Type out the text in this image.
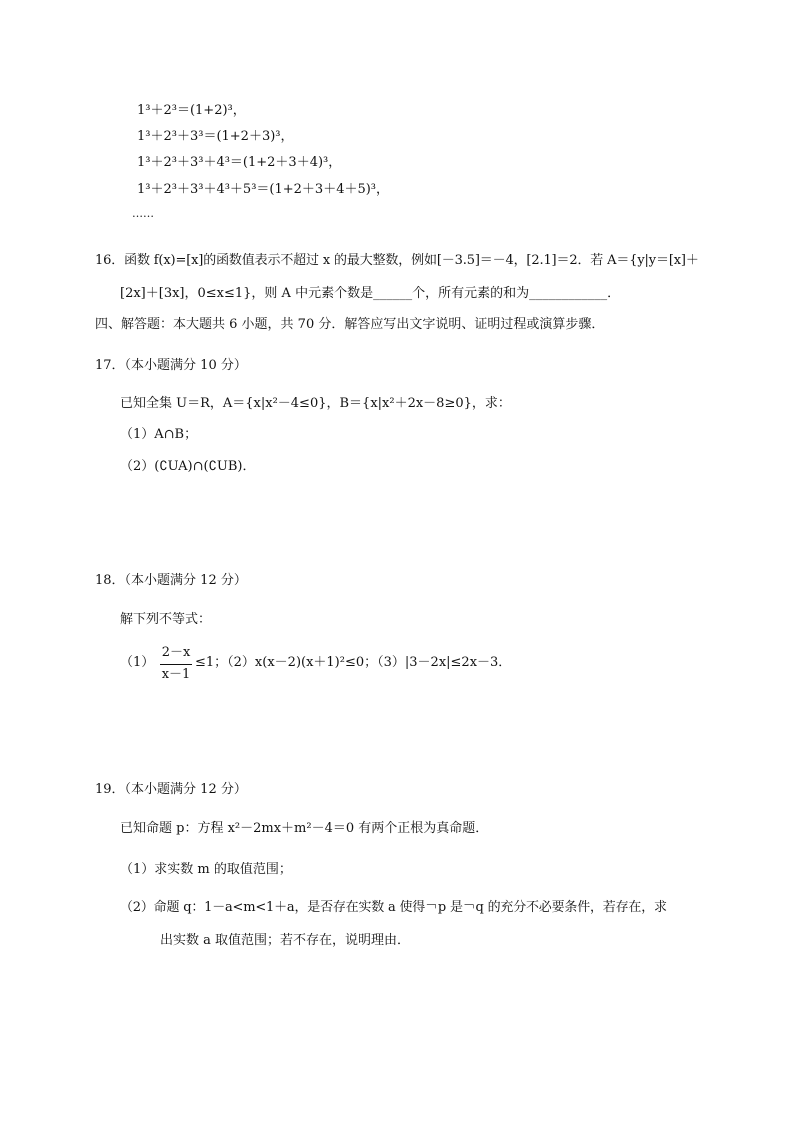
1³＋2³＝(1+2)³，
1³＋2³＋3³＝(1+2＋3)³，
1³＋2³＋3³＋4³＝(1+2＋3＋4)³，
1³＋2³＋3³＋4³＋5³＝(1+2＋3＋4＋5)³，
……
16．函数 f(x)=[x]的函数值表示不超过 x 的最大整数，例如[－3.5]＝－4，[2.1]＝2．若 A＝{y|y＝[x]＋
[2x]＋[3x]，0≤x≤1}，则 A 中元素个数是______个，所有元素的和为____________．
四、解答题：本大题共 6 小题，共 70 分．解答应写出文字说明、证明过程或演算步骤．
17．（本小题满分 10 分）
已知全集 U＝R，A＝{x|x²－4≤0}，B＝{x|x²＋2x－8≥0}，求：
（1）A∩B；
（2）(∁UA)∩(∁UB)．
18．（本小题满分 12 分）
解下列不等式：
（1）
2－x
x－1
≤1；（2）x(x－2)(x＋1)²≤0；（3）|3－2x|≤2x－3．
19．（本小题满分 12 分）
已知命题 p：方程 x²－2mx＋m²－4＝0 有两个正根为真命题．
（1）求实数 m 的取值范围；
（2）命题 q：1－a<m<1＋a，是否存在实数 a 使得￢p 是￢q 的充分不必要条件，若存在，求
出实数 a 取值范围；若不存在，说明理由．
